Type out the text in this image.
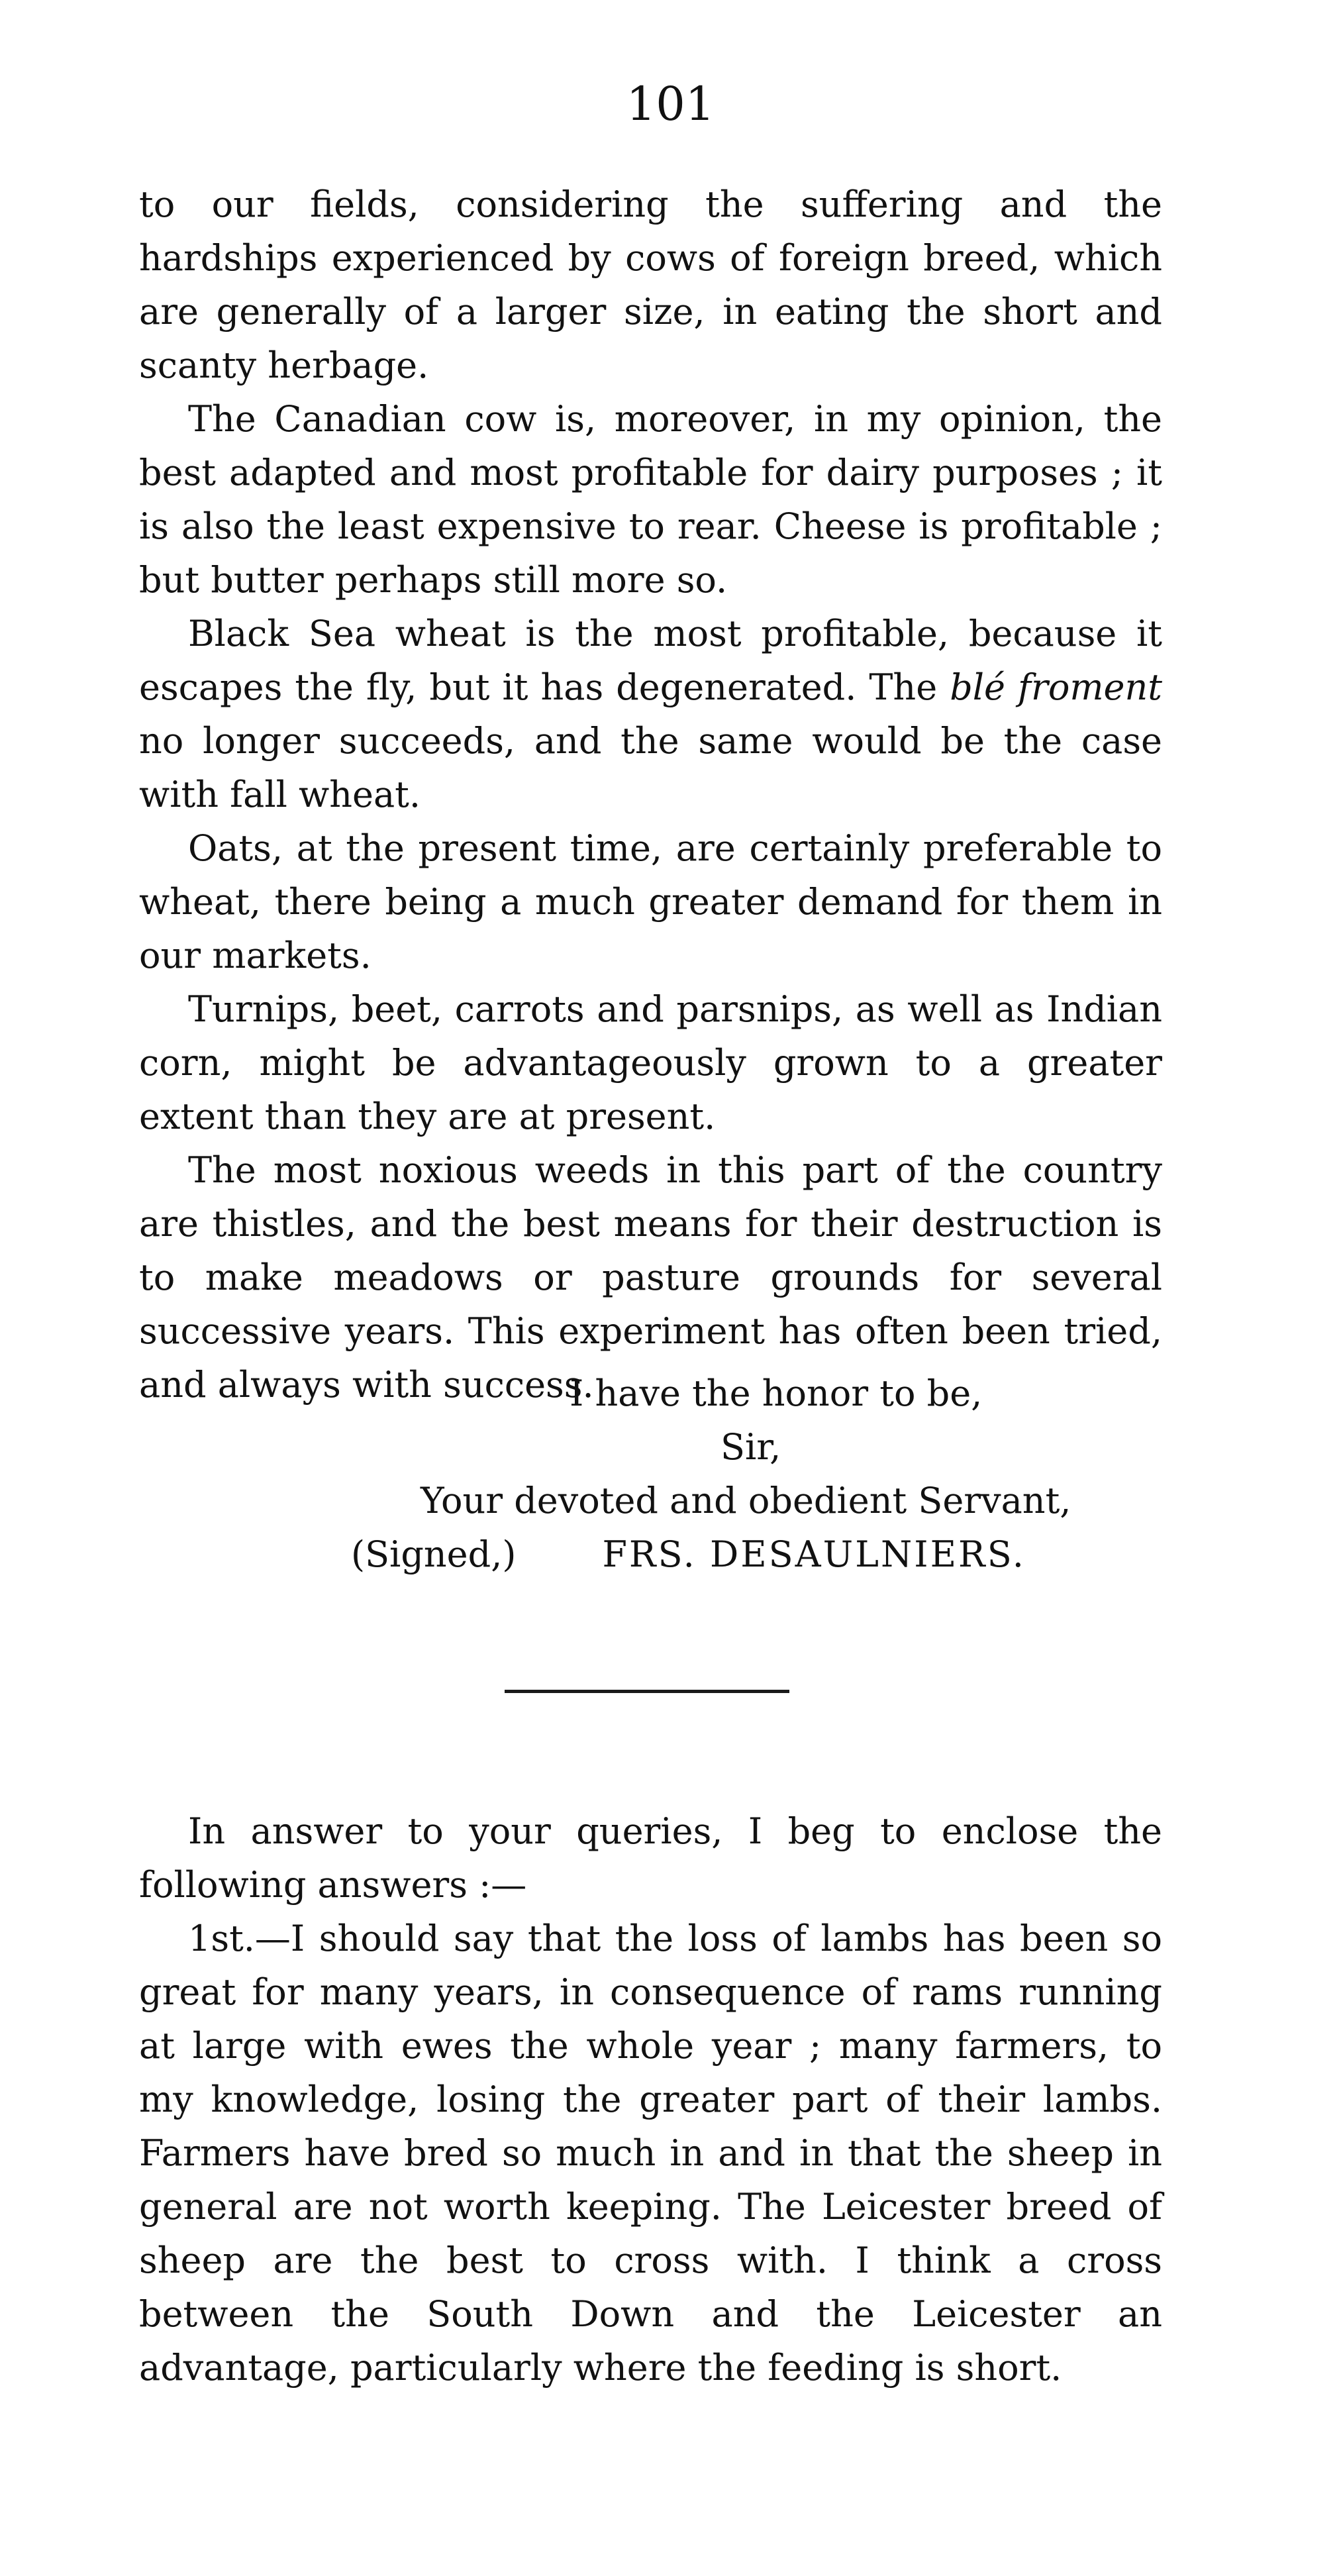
101

to our fields, considering the suffering and the hardships experienced by cows of foreign breed, which are generally of a larger size, in eating the short and scanty herbage.

The Canadian cow is, moreover, in my opinion, the best adapted and most profitable for dairy purposes ; it is also the least expensive to rear. Cheese is profitable ; but butter perhaps still more so.

Black Sea wheat is the most profitable, because it escapes the fly, but it has degenerated. The blé froment no longer succeeds, and the same would be the case with fall wheat.

Oats, at the present time, are certainly preferable to wheat, there being a much greater demand for them in our markets.

Turnips, beet, carrots and parsnips, as well as Indian corn, might be advantageously grown to a greater extent than they are at present.

The most noxious weeds in this part of the country are thistles, and the best means for their destruction is to make meadows or pasture grounds for several successive years. This experiment has often been tried, and always with success.

I have the honor to be,
Sir,
Your devoted and obedient Servant,
(Signed,) FRS. DESAULNIERS.

In answer to your queries, I beg to enclose the following answers :—

1st.—I should say that the loss of lambs has been so great for many years, in consequence of rams running at large with ewes the whole year ; many farmers, to my knowledge, losing the greater part of their lambs. Farmers have bred so much in and in that the sheep in general are not worth keeping. The Leicester breed of sheep are the best to cross with. I think a cross between the South Down and the Leicester an advantage, particularly where the feeding is short.
